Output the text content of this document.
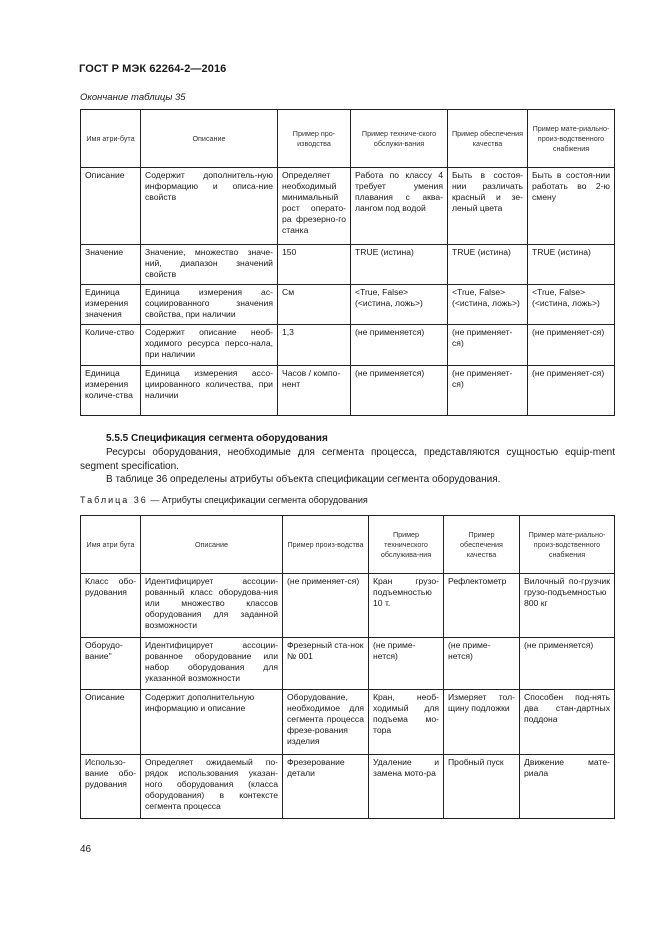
ГОСТ Р МЭК 62264-2—2016
Окончание таблицы 35
Имя атри-бута	Описание	Пример про-изводства	Пример техниче-ского обслужи-вания	Пример обеспечения качества	Пример мате-риально-произ-водственного снабжения
Описание	Содержит дополнитель-ную информацию и описа-ние свойств	Определяет необходимый минимальный рост операто-ра фрезерно-го станка	Работа по классу 4 требует умения плавания с аква-лангом под водой	Быть в состоя-нии различать красный и зе-леный цвета	Быть в состоя-нии работать во 2-ю смену
Значение	Значение, множество значе-ний, диапазон значений свойств	150	TRUE (истина)	TRUE (истина)	TRUE (истина)
Единица измерения значения	Единица измерения ас-социированного значения свойства, при наличии	См	<True, False> (<истина, ложь>)	<True, False> (<истина, ложь>)	<True, False> (<истина, ложь>)
Количе-ство	Содержит описание необ-ходимого ресурса персо-нала, при наличии	1,3	(не применяется)	(не применяет-ся)	(не применяет-ся)
Единица измерения количе-ства	Единица измерения ассо-циированного количества, при наличии	Часов / компо-нент	(не применяется)	(не применяет-ся)	(не применяет-ся)
5.5.5 Спецификация сегмента оборудования
Ресурсы оборудования, необходимые для сегмента процесса, представляются сущностью equip-ment segment specification.
В таблице 36 определены атрибуты объекта спецификации сегмента оборудования.
Таблица 36 — Атрибуты спецификации сегмента оборудования
Имя атри бута	Описание	Пример произ-водства	Пример технического обслужива-ния	Пример обеспечения качества	Пример мате-риально-произ-водственного снабжения
Класс обо-рудования	Идентифицирует ассоции-рованный класс оборудова-ния или множество классов оборудования для заданной возможности	(не применяет-ся)	Кран грузо-подъемностью 10 т.	Рефлектометр	Вилочный по-грузчик грузо-подъемностью 800 кг
Оборудо-вание"	Идентифицирует ассоции-рованное оборудование или набор оборудования для указанной возможности	Фрезерный ста-нок № 001	(не приме-нется)	(не приме-нется)	(не применяется)
Описание	Содержит дополнительную информацию и описание	Оборудование, необходимое для сегмента процесса фрезе-рования изделия	Кран, необ-ходимый для подъема мо-тора	Измеряет тол-щину подложки	Способен под-нять два стан-дартных поддона
Использо-вание обо-рудования	Определяет ожидаемый по-рядок использования указан-ного оборудования (класса оборудования) в контексте сегмента процесса	Фрезерование детали	Удаление и замена мото-ра	Пробный пуск	Движение мате-риала
46
